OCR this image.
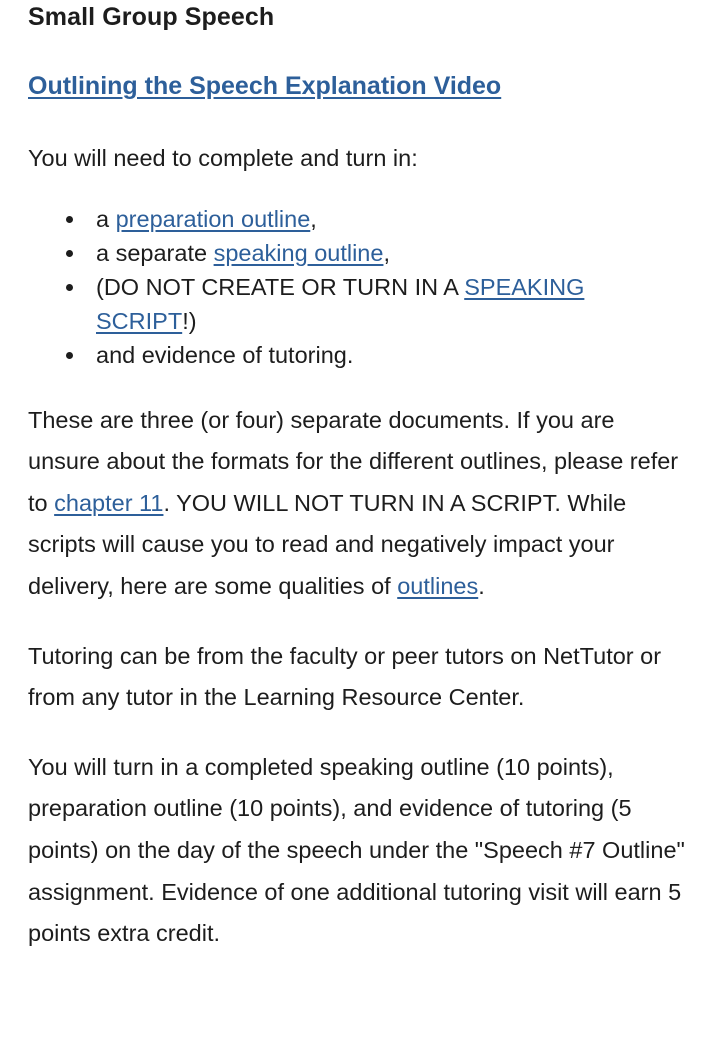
Small Group Speech
Outlining the Speech Explanation Video

You will need to complete and turn in:

a preparation outline,
a separate speaking outline,
(DO NOT CREATE OR TURN IN A SPEAKING SCRIPT!)
and evidence of tutoring.

These are three (or four) separate documents. If you are unsure about the formats for the different outlines, please refer to chapter 11. YOU WILL NOT TURN IN A SCRIPT. While scripts will cause you to read and negatively impact your delivery, here are some qualities of outlines.

Tutoring can be from the faculty or peer tutors on NetTutor or from any tutor in the Learning Resource Center.

You will turn in a completed speaking outline (10 points), preparation outline (10 points), and evidence of tutoring (5 points) on the day of the speech under the "Speech #7 Outline" assignment. Evidence of one additional tutoring visit will earn 5 points extra credit.
